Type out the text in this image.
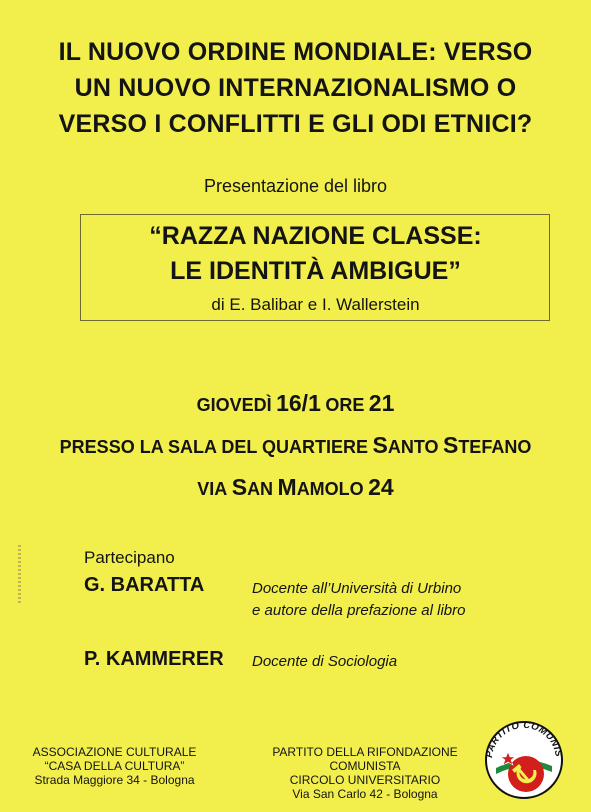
IL NUOVO ORDINE MONDIALE: VERSO
UN NUOVO INTERNAZIONALISMO O
VERSO I CONFLITTI E GLI ODI ETNICI?
Presentazione del libro
“RAZZA NAZIONE CLASSE:
LE IDENTITÀ AMBIGUE”
di E. Balibar e I. Wallerstein
GIOVEDÌ 16/1 ORE 21
PRESSO LA SALA DEL QUARTIERE SANTO STEFANO
VIA SAN MAMOLO 24
Partecipano
G. BARATTA	Docente all’Università di Urbino
e autore della prefazione al libro
P. KAMMERER Docente di Sociologia
ASSOCIAZIONE CULTURALE
“CASA DELLA CULTURA”
Strada Maggiore 34 - Bologna
PARTITO DELLA RIFONDAZIONE COMUNISTA
CIRCOLO UNIVERSITARIO
Via San Carlo 42 - Bologna
PARTITO COMUNIS
